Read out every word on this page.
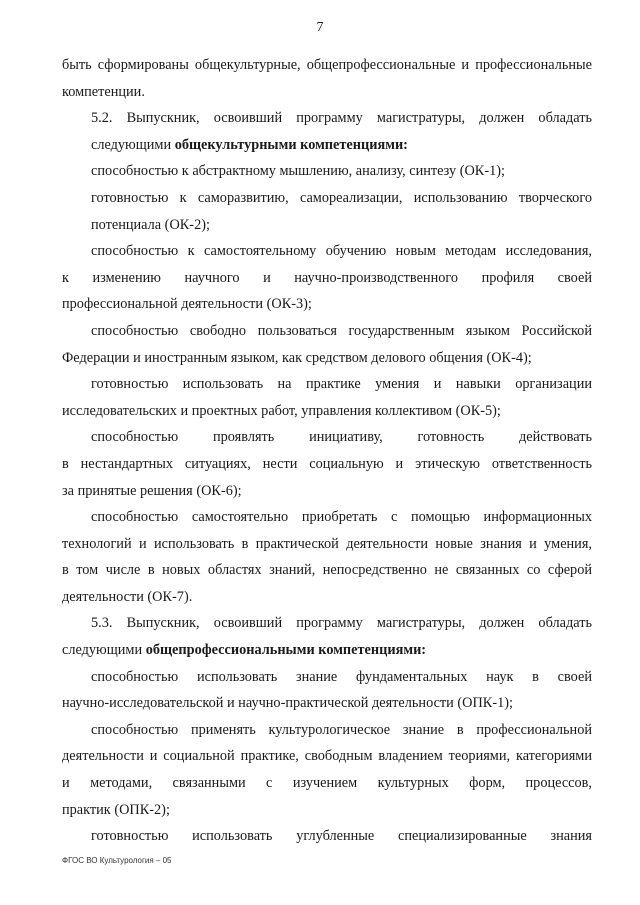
7

быть сформированы общекультурные, общепрофессиональные и профессиональные
компетенции.

5.2. Выпускник, освоивший программу магистратуры, должен обладать
следующими общекультурными компетенциями:

способностью к абстрактному мышлению, анализу, синтезу (ОК-1);

готовностью к саморазвитию, самореализации, использованию творческого
потенциала (ОК-2);

способностью к самостоятельному обучению новым методам исследования,
к изменению научного и научно-производственного профиля своей
профессиональной деятельности (ОК-3);

способностью свободно пользоваться государственным языком Российской
Федерации и иностранным языком, как средством делового общения (ОК-4);

готовностью использовать на практике умения и навыки организации
исследовательских и проектных работ, управления коллективом (ОК-5);

способностью проявлять инициативу, готовность действовать
в нестандартных ситуациях, нести социальную и этическую ответственность
за принятые решения (ОК-6);

способностью самостоятельно приобретать с помощью информационных
технологий и использовать в практической деятельности новые знания и умения,
в том числе в новых областях знаний, непосредственно не связанных со сферой
деятельности (ОК-7).

5.3. Выпускник, освоивший программу магистратуры, должен обладать
следующими общепрофессиональными компетенциями:

способностью использовать знание фундаментальных наук в своей
научно-исследовательской и научно-практической деятельности (ОПК-1);

способностью применять культурологическое знание в профессиональной
деятельности и социальной практике, свободным владением теориями, категориями
и методами, связанными с изучением культурных форм, процессов,
практик (ОПК-2);

готовностью использовать углубленные специализированные знания

ФГОС ВО Культурология – 05
